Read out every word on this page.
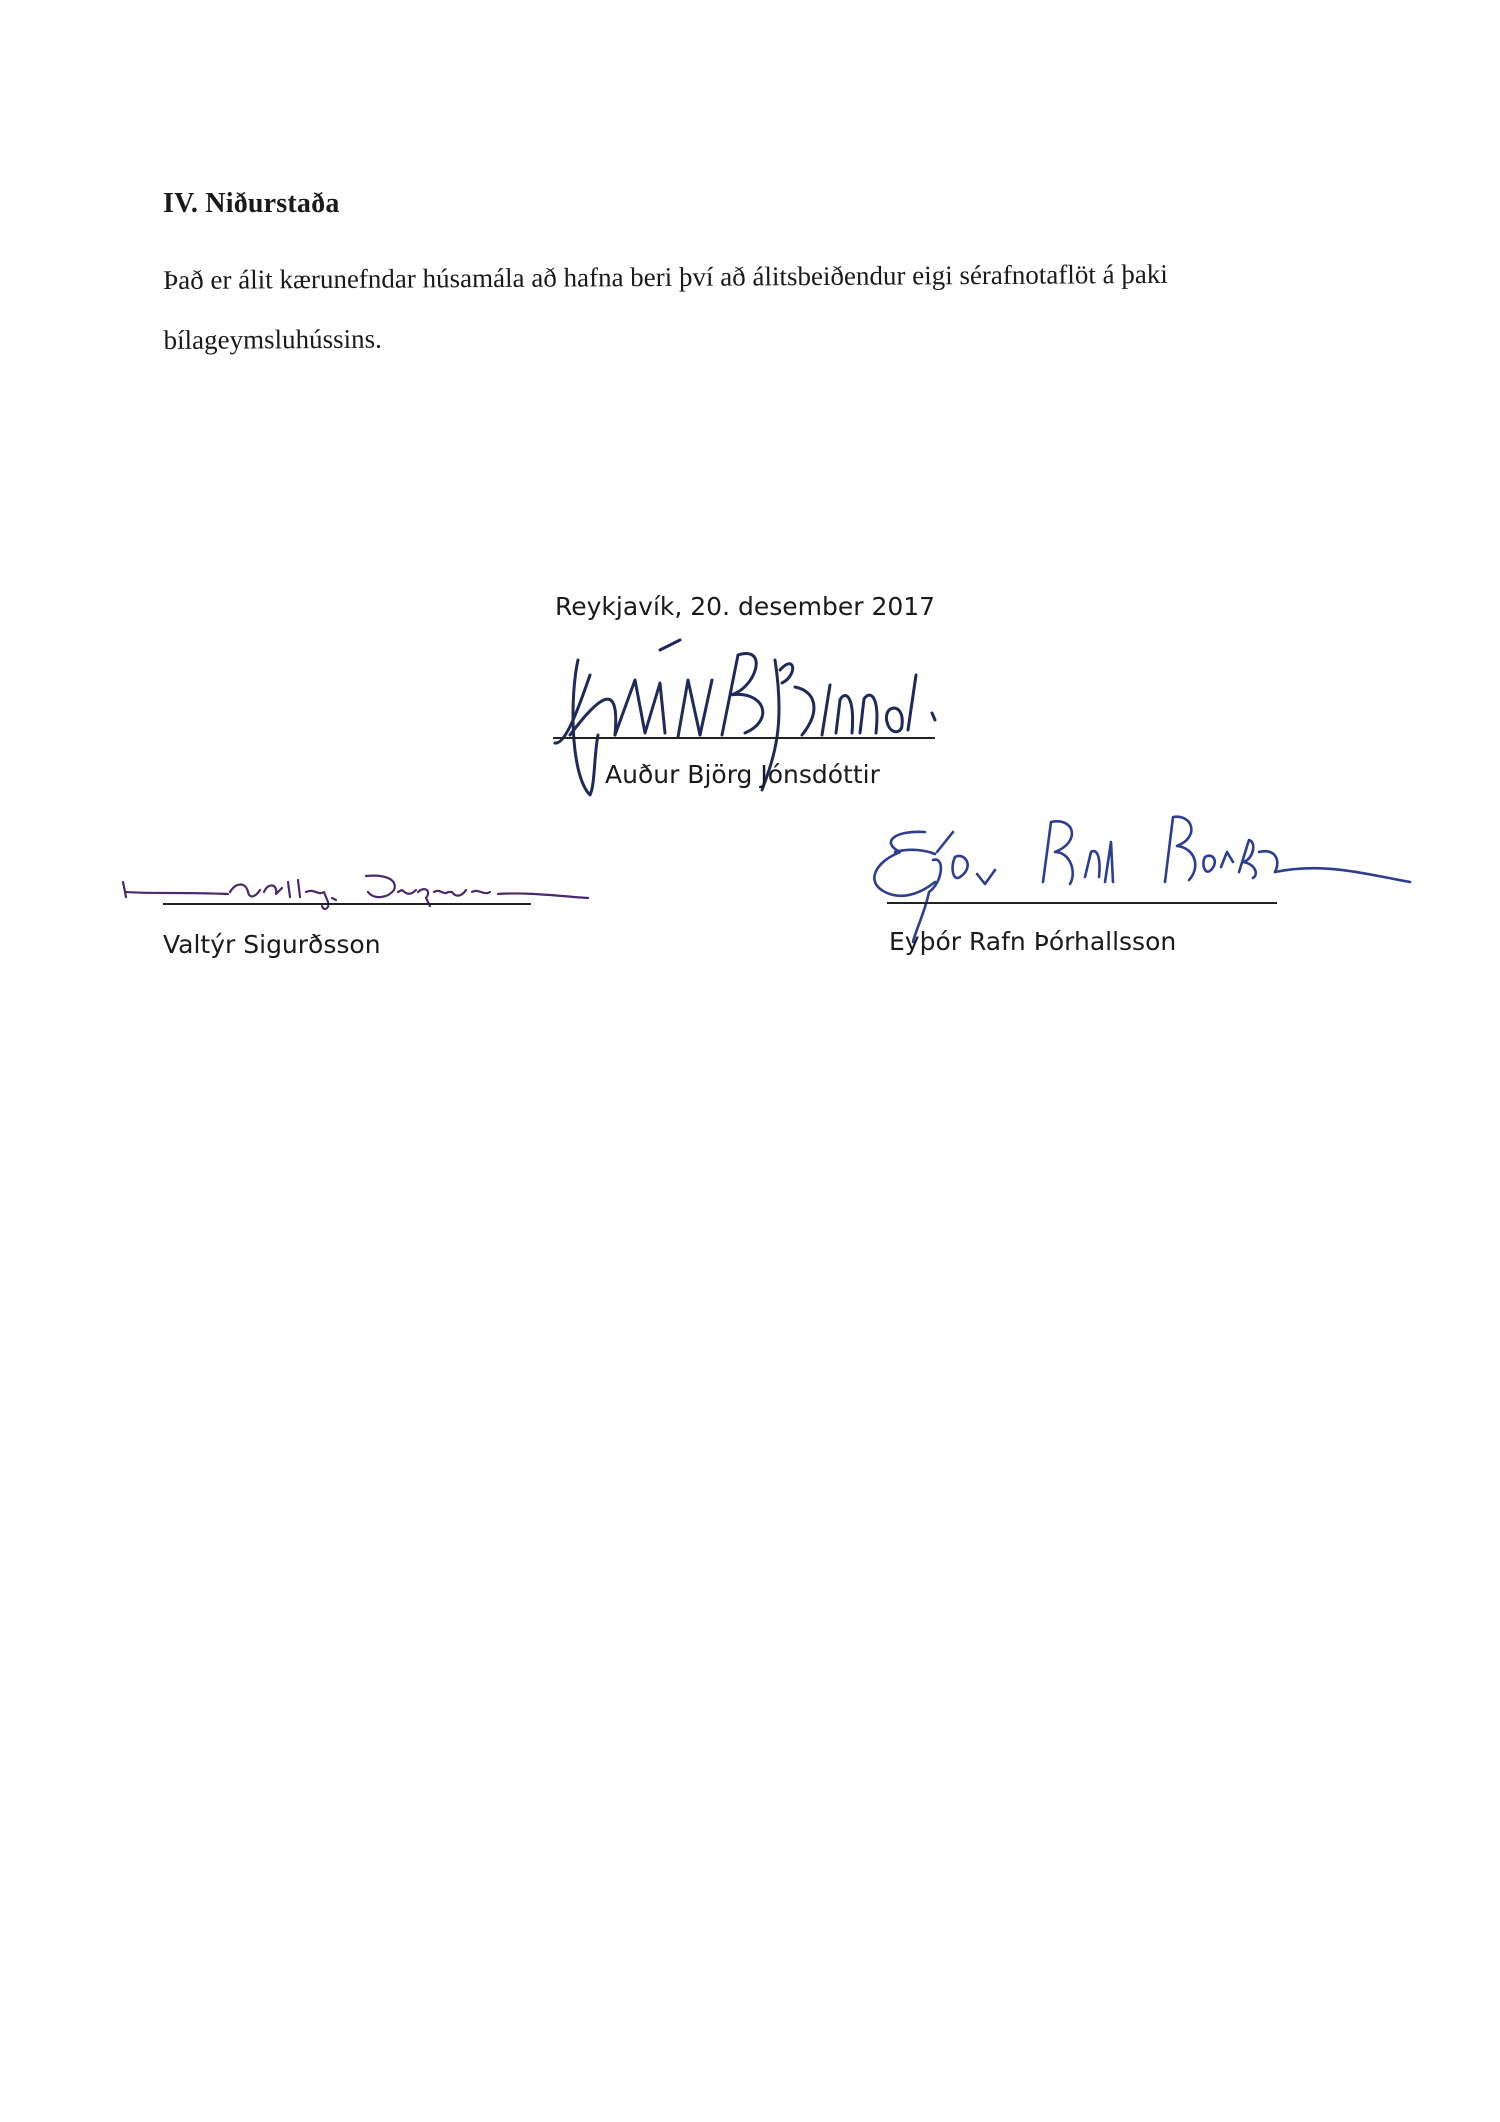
IV. Niðurstaða

Það er álit kærunefndar húsamála að hafna beri því að álitsbeiðendur eigi sérafnotaflöt á þaki bílageymsluhússins.

Reykjavík, 20. desember 2017

Auður Björg Jónsdóttir

Valtýr Sigurðsson	Eyþór Rafn Þórhallsson
